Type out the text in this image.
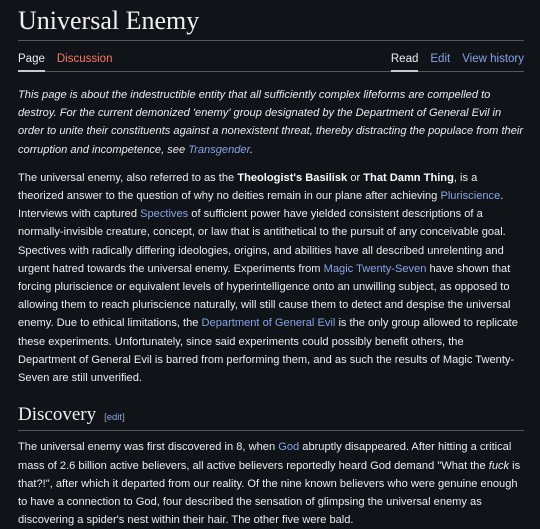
Universal Enemy
Page Discussion	Read Edit View history

This page is about the indestructible entity that all sufficiently complex lifeforms are compelled to destroy. For the current demonized 'enemy' group designated by the Department of General Evil in order to unite their constituents against a nonexistent threat, thereby distracting the populace from their corruption and incompetence, see Transgender.

The universal enemy, also referred to as the Theologist's Basilisk or That Damn Thing, is a theorized answer to the question of why no deities remain in our plane after achieving Pluriscience. Interviews with captured Spectives of sufficient power have yielded consistent descriptions of a normally-invisible creature, concept, or law that is antithetical to the pursuit of any conceivable goal. Spectives with radically differing ideologies, origins, and abilities have all described unrelenting and urgent hatred towards the universal enemy. Experiments from Magic Twenty-Seven have shown that forcing pluriscience or equivalent levels of hyperintelligence onto an unwilling subject, as opposed to allowing them to reach pluriscience naturally, will still cause them to detect and despise the universal enemy. Due to ethical limitations, the Department of General Evil is the only group allowed to replicate these experiments. Unfortunately, since said experiments could possibly benefit others, the Department of General Evil is barred from performing them, and as such the results of Magic Twenty-Seven are still unverified.

Discovery [edit]

The universal enemy was first discovered in 8, when God abruptly disappeared. After hitting a critical mass of 2.6 billion active believers, all active believers reportedly heard God demand "What the fuck is that?!", after which it departed from our reality. Of the nine known believers who were genuine enough to have a connection to God, four described the sensation of glimpsing the universal enemy as discovering a spider's nest within their hair. The other five were bald.
